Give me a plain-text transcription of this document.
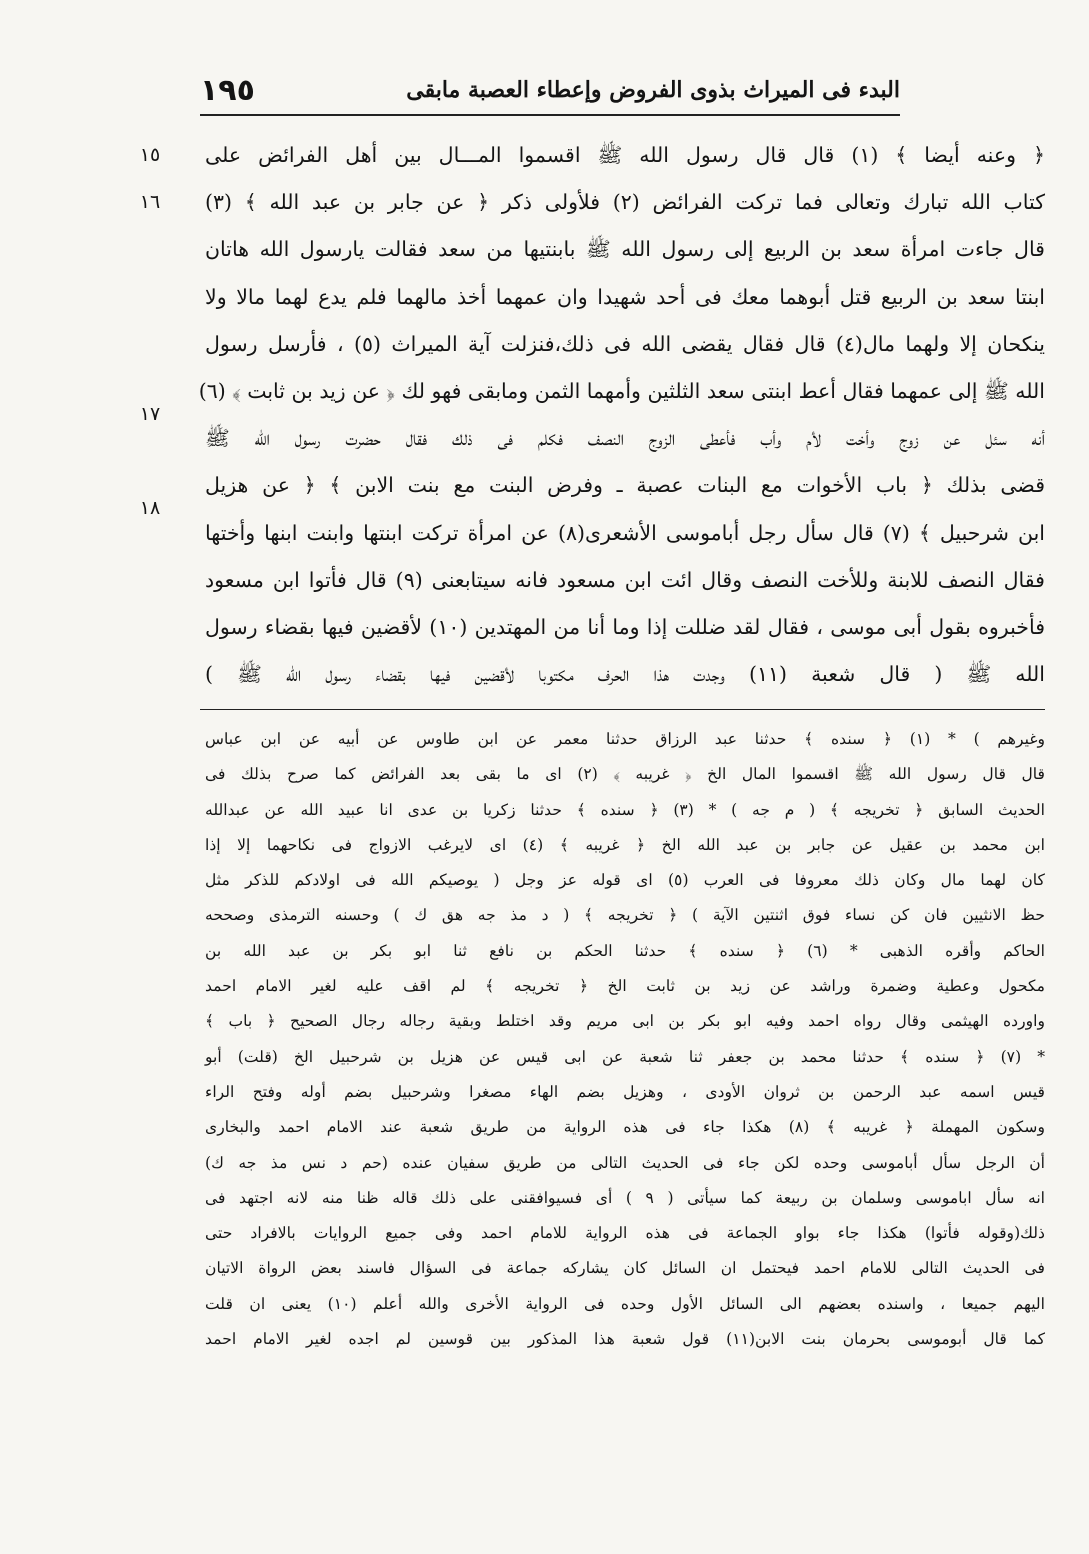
البدء فى الميراث بذوى الفروض وإعطاء العصبة مابقى
١٩٥
١٥
١٦
١٧
١٨
﴿ وعنه أيضا ﴾ (١) قال قال رسول الله ﷺ اقسموا المـــال بين أهل الفرائض على
كتاب الله تبارك وتعالى فما تركت الفرائض (٢) فلأولى ذكر ﴿ عن جابر بن عبد الله ﴾ (٣)
قال جاءت امرأة سعد بن الربيع إلى رسول الله ﷺ بابنتيها من سعد فقالت يارسول الله هاتان
ابنتا سعد بن الربيع قتل أبوهما معك فى أحد شهيدا وان عمهما أخذ مالهما فلم يدع لهما مالا ولا
ينكحان إلا ولهما مال(٤) قال فقال يقضى الله فى ذلك،فنزلت آية الميراث (٥) ، فأرسل رسول
الله ﷺ إلى عمهما فقال أعط ابنتى سعد الثلثين وأمهما الثمن ومابقى فهو لك ﴿ عن زيد بن ثابت ﴾ (٦)
أنه سئل عن زوج وأخت لأم وأب فأعطى الزوج النصف فكلم فى ذلك فقال حضرت رسول الله ﷺ
قضى بذلك ﴿ باب الأخوات مع البنات عصبة ـ وفرض البنت مع بنت الابن ﴾ ﴿ عن هزيل
ابن شرحبيل ﴾ (٧) قال سأل رجل أباموسى الأشعرى(٨) عن امرأة تركت ابنتها وابنت ابنها وأختها
فقال النصف للابنة وللأخت النصف وقال ائت ابن مسعود فانه سيتابعنى (٩) قال فأتوا ابن مسعود
فأخبروه بقول أبى موسى ، فقال لقد ضللت إذا وما أنا من المهتدين (١٠) لأقضين فيها بقضاء رسول
الله ﷺ ( قال شعبة (١١) وجدت هذا الحرف مكتوبا لأقضين فيها بقضاء رسول الله ﷺ )
وغيرهم ) * (١) ﴿ سنده ﴾ حدثنا عبد الرزاق حدثنا معمر عن ابن طاوس عن أبيه عن ابن عباس
قال قال رسول الله ﷺ اقسموا المال الخ ﴿ غريبه ﴾ (٢) اى ما بقى بعد الفرائض كما صرح بذلك فى
الحديث السابق ﴿ تخريجه ﴾ ( م جه ) * (٣) ﴿ سنده ﴾ حدثنا زكريا بن عدى انا عبيد الله عن عبدالله
ابن محمد بن عقيل عن جابر بن عبد الله الخ ﴿ غريبه ﴾ (٤) اى لايرغب الازواج فى نكاحهما إلا إذا
كان لهما مال وكان ذلك معروفا فى العرب (٥) اى قوله عز وجل ( يوصيكم الله فى اولادكم للذكر مثل
حظ الانثيين فان كن نساء فوق اثنتين الآية ) ﴿ تخريجه ﴾ ( د مذ جه هق ك ) وحسنه الترمذى وصححه
الحاكم وأقره الذهبى * (٦) ﴿ سنده ﴾ حدثنا الحكم بن نافع ثنا ابو بكر بن عبد الله بن
مكحول وعطية وضمرة وراشد عن زيد بن ثابت الخ ﴿ تخريجه ﴾ لم اقف عليه لغير الامام احمد
واورده الهيثمى وقال رواه احمد وفيه ابو بكر بن ابى مريم وقد اختلط وبقية رجاله رجال الصحيح ﴿ باب ﴾
* (٧) ﴿ سنده ﴾ حدثنا محمد بن جعفر ثنا شعبة عن ابى قيس عن هزيل بن شرحبيل الخ (قلت) أبو
قيس اسمه عبد الرحمن بن ثروان الأودى ، وهزيل بضم الهاء مصغرا وشرحبيل بضم أوله وفتح الراء
وسكون المهملة ﴿ غريبه ﴾ (٨) هكذا جاء فى هذه الرواية من طريق شعبة عند الامام احمد والبخارى
أن الرجل سأل أباموسى وحده لكن جاء فى الحديث التالى من طريق سفيان عنده (حم د نس مذ جه ك)
انه سأل اباموسى وسلمان بن ربيعة كما سيأتى ( ٩ ) أى فسيوافقنى على ذلك قاله ظنا منه لانه اجتهد فى
ذلك(وقوله فأتوا) هكذا جاء بواو الجماعة فى هذه الرواية للامام احمد وفى جميع الروايات بالافراد حتى
فى الحديث التالى للامام احمد فيحتمل ان السائل كان يشاركه جماعة فى السؤال فاسند بعض الرواة الاتيان
اليهم جميعا ، واسنده بعضهم الى السائل الأول وحده فى الرواية الأخرى والله أعلم (١٠) يعنى ان قلت
كما قال أبوموسى بحرمان بنت الابن(١١) قول شعبة هذا المذكور بين قوسين لم اجده لغير الامام احمد
